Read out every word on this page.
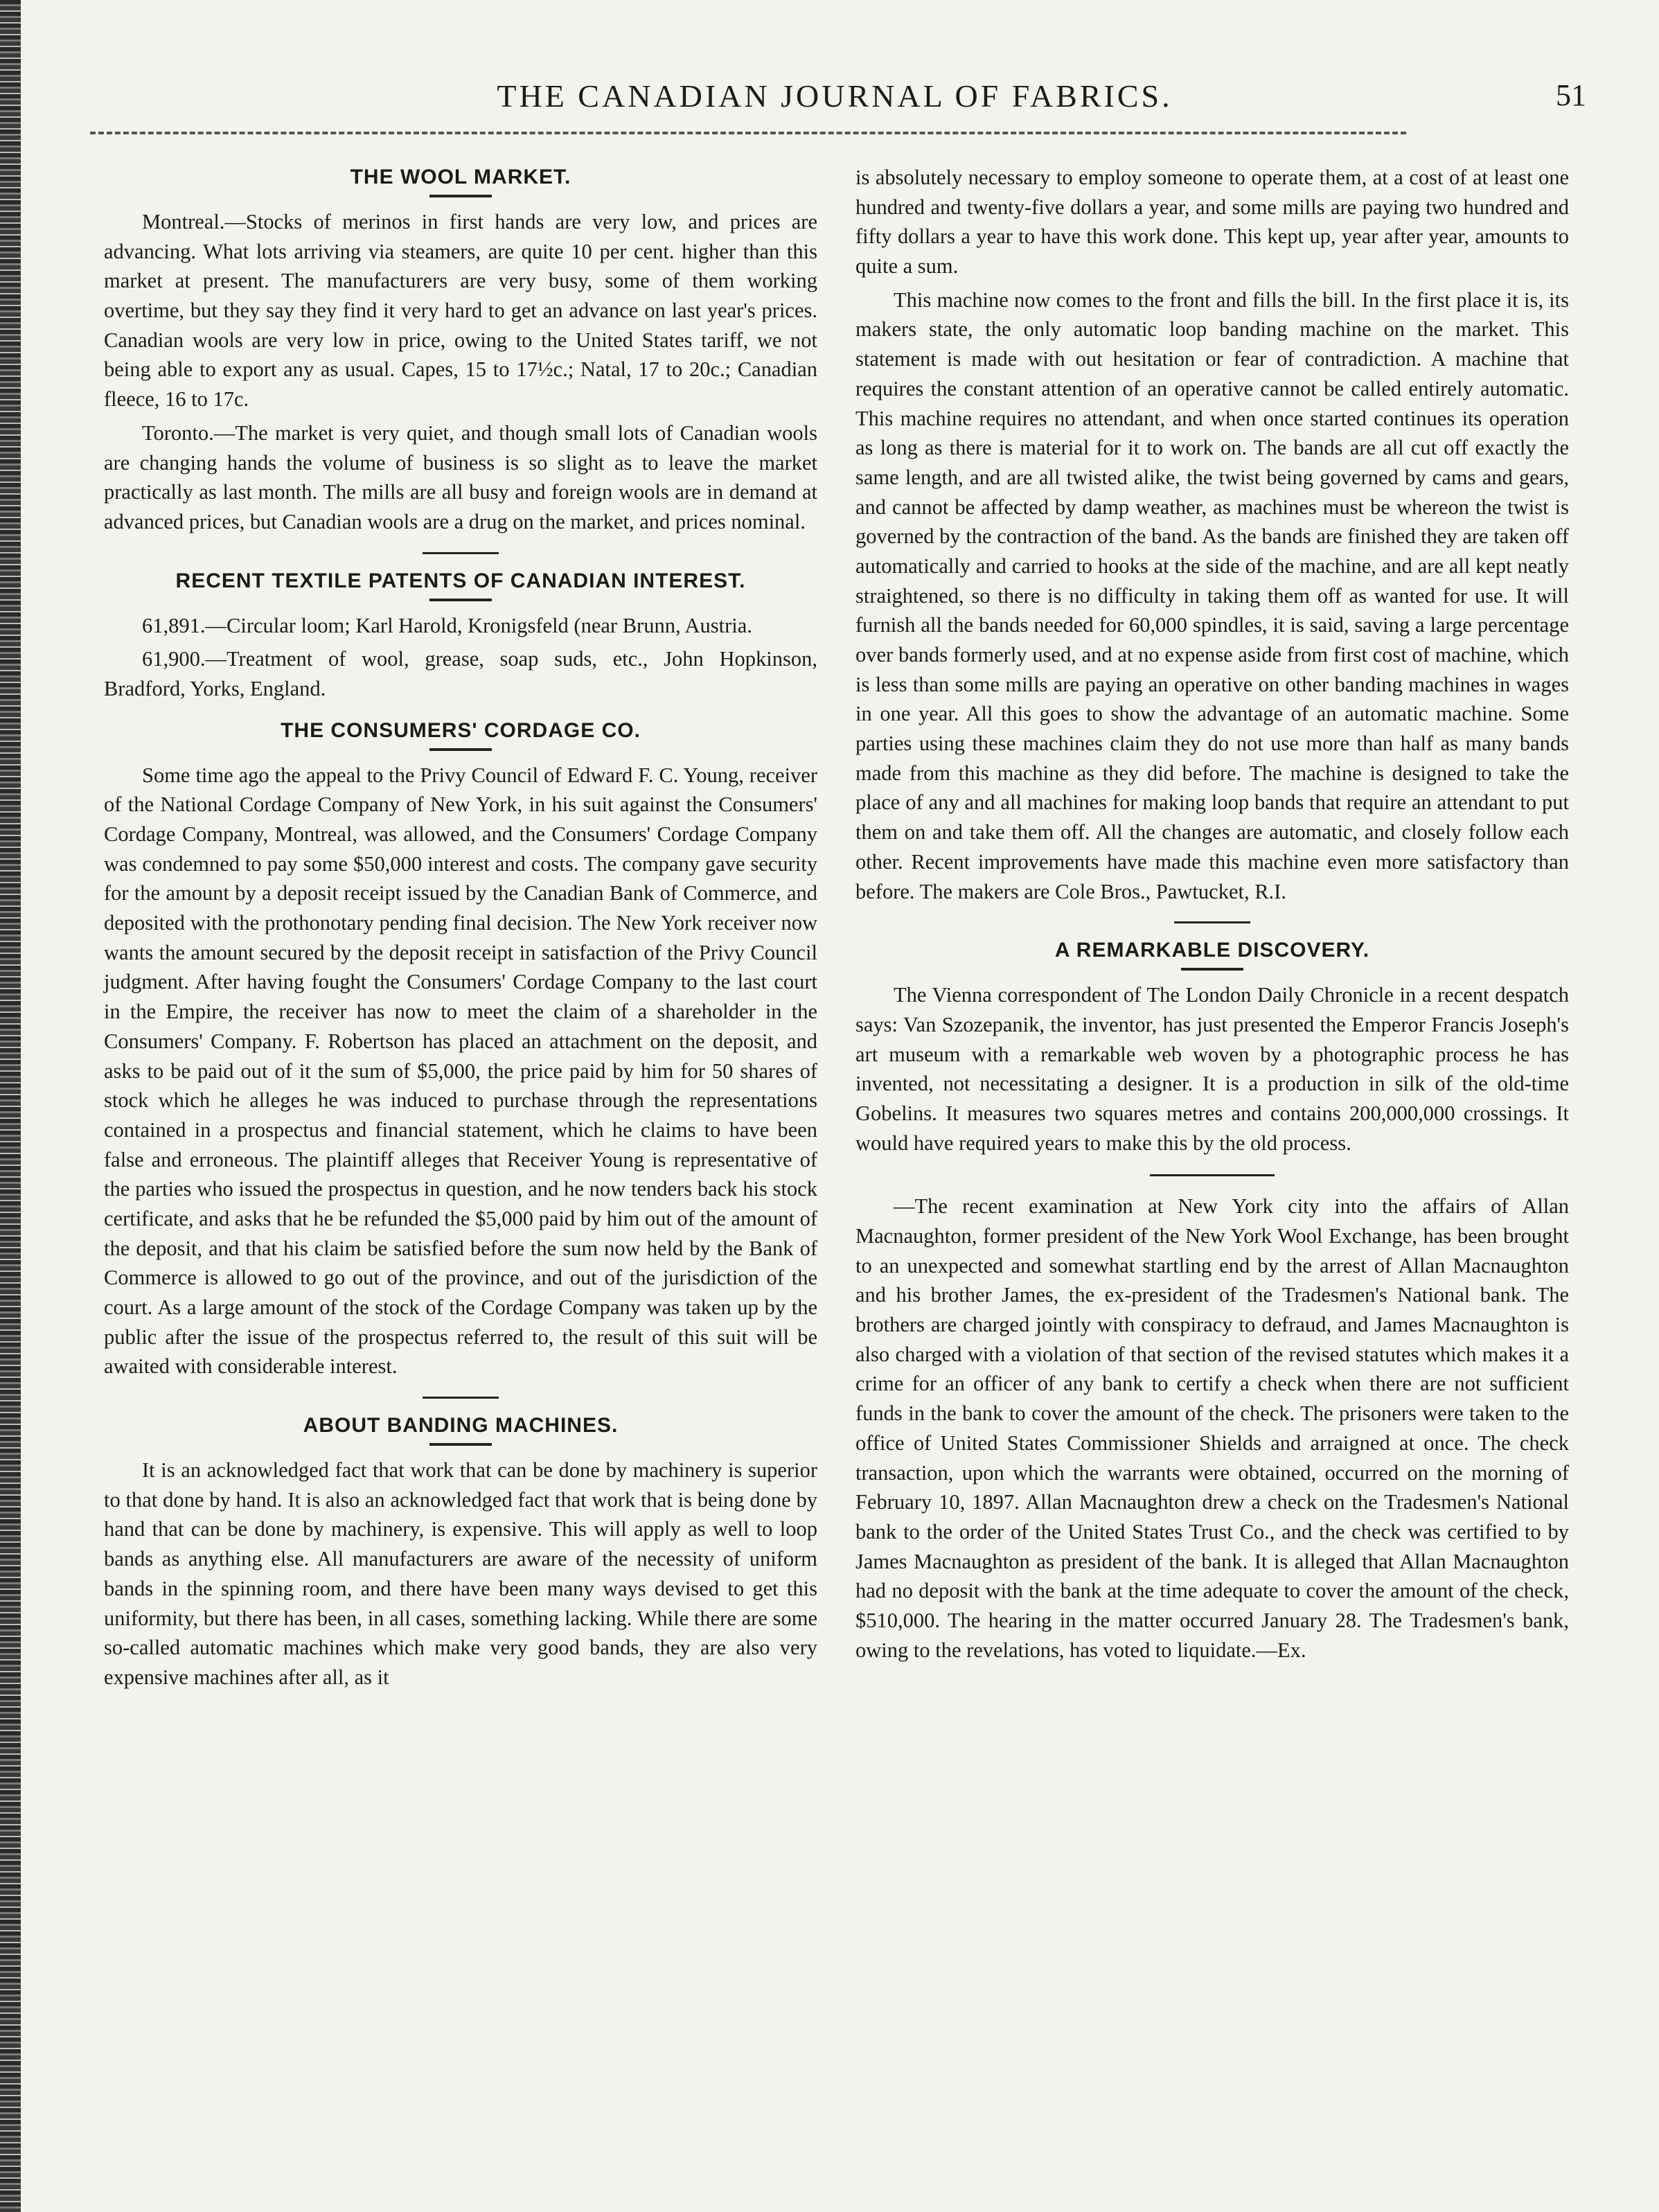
THE CANADIAN JOURNAL OF FABRICS.	51
THE WOOL MARKET.

Montreal.—Stocks of merinos in first hands are very low, and prices are advancing. What lots arriving via steamers, are quite 10 per cent. higher than this market at present. The manufacturers are very busy, some of them working overtime, but they say they find it very hard to get an advance on last year's prices. Canadian wools are very low in price, owing to the United States tariff, we not being able to export any as usual. Capes, 15 to 17½c.; Natal, 17 to 20c.; Canadian fleece, 16 to 17c.

Toronto.—The market is very quiet, and though small lots of Canadian wools are changing hands the volume of business is so slight as to leave the market practically as last month. The mills are all busy and foreign wools are in demand at advanced prices, but Canadian wools are a drug on the market, and prices nominal.

RECENT TEXTILE PATENTS OF CANADIAN INTEREST.

61,891.—Circular loom; Karl Harold, Kronigsfeld (near Brunn, Austria.

61,900.—Treatment of wool, grease, soap suds, etc., John Hopkinson, Bradford, Yorks, England.

THE CONSUMERS' CORDAGE CO.

Some time ago the appeal to the Privy Council of Edward F. C. Young, receiver of the National Cordage Company of New York, in his suit against the Consumers' Cordage Company, Montreal, was allowed, and the Consumers' Cordage Company was condemned to pay some $50,000 interest and costs. The company gave security for the amount by a deposit receipt issued by the Canadian Bank of Commerce, and deposited with the prothonotary pending final decision. The New York receiver now wants the amount secured by the deposit receipt in satisfaction of the Privy Council judgment. After having fought the Consumers' Cordage Company to the last court in the Empire, the receiver has now to meet the claim of a shareholder in the Consumers' Company. F. Robertson has placed an attachment on the deposit, and asks to be paid out of it the sum of $5,000, the price paid by him for 50 shares of stock which he alleges he was induced to purchase through the representations contained in a prospectus and financial statement, which he claims to have been false and erroneous. The plaintiff alleges that Receiver Young is representative of the parties who issued the prospectus in question, and he now tenders back his stock certificate, and asks that he be refunded the $5,000 paid by him out of the amount of the deposit, and that his claim be satisfied before the sum now held by the Bank of Commerce is allowed to go out of the province, and out of the jurisdiction of the court. As a large amount of the stock of the Cordage Company was taken up by the public after the issue of the prospectus referred to, the result of this suit will be awaited with considerable interest.

ABOUT BANDING MACHINES.

It is an acknowledged fact that work that can be done by machinery is superior to that done by hand. It is also an acknowledged fact that work that is being done by hand that can be done by machinery, is expensive. This will apply as well to loop bands as anything else. All manufacturers are aware of the necessity of uniform bands in the spinning room, and there have been many ways devised to get this uniformity, but there has been, in all cases, something lacking. While there are some so-called automatic machines which make very good bands, they are also very expensive machines after all, as it

is absolutely necessary to employ someone to operate them, at a cost of at least one hundred and twenty-five dollars a year, and some mills are paying two hundred and fifty dollars a year to have this work done. This kept up, year after year, amounts to quite a sum.

This machine now comes to the front and fills the bill. In the first place it is, its makers state, the only automatic loop banding machine on the market. This statement is made with out hesitation or fear of contradiction. A machine that requires the constant attention of an operative cannot be called entirely automatic. This machine requires no attendant, and when once started continues its operation as long as there is material for it to work on. The bands are all cut off exactly the same length, and are all twisted alike, the twist being governed by cams and gears, and cannot be affected by damp weather, as machines must be whereon the twist is governed by the contraction of the band. As the bands are finished they are taken off automatically and carried to hooks at the side of the machine, and are all kept neatly straightened, so there is no difficulty in taking them off as wanted for use. It will furnish all the bands needed for 60,000 spindles, it is said, saving a large percentage over bands formerly used, and at no expense aside from first cost of machine, which is less than some mills are paying an operative on other banding machines in wages in one year. All this goes to show the advantage of an automatic machine. Some parties using these machines claim they do not use more than half as many bands made from this machine as they did before. The machine is designed to take the place of any and all machines for making loop bands that require an attendant to put them on and take them off. All the changes are automatic, and closely follow each other. Recent improvements have made this machine even more satisfactory than before. The makers are Cole Bros., Pawtucket, R.I.

A REMARKABLE DISCOVERY.

The Vienna correspondent of The London Daily Chronicle in a recent despatch says: Van Szozepanik, the inventor, has just presented the Emperor Francis Joseph's art museum with a remarkable web woven by a photographic process he has invented, not necessitating a designer. It is a production in silk of the old-time Gobelins. It measures two squares metres and contains 200,000,000 crossings. It would have required years to make this by the old process.

—The recent examination at New York city into the affairs of Allan Macnaughton, former president of the New York Wool Exchange, has been brought to an unexpected and somewhat startling end by the arrest of Allan Macnaughton and his brother James, the ex-president of the Tradesmen's National bank. The brothers are charged jointly with conspiracy to defraud, and James Macnaughton is also charged with a violation of that section of the revised statutes which makes it a crime for an officer of any bank to certify a check when there are not sufficient funds in the bank to cover the amount of the check. The prisoners were taken to the office of United States Commissioner Shields and arraigned at once. The check transaction, upon which the warrants were obtained, occurred on the morning of February 10, 1897. Allan Macnaughton drew a check on the Tradesmen's National bank to the order of the United States Trust Co., and the check was certified to by James Macnaughton as president of the bank. It is alleged that Allan Macnaughton had no deposit with the bank at the time adequate to cover the amount of the check, $510,000. The hearing in the matter occurred January 28. The Tradesmen's bank, owing to the revelations, has voted to liquidate.—Ex.
